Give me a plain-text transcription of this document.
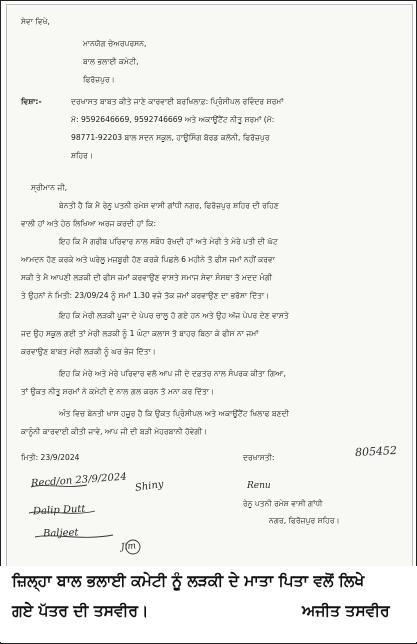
ਸੇਵਾ ਵਿਖੇ,
ਮਾਨਯੋਗ ਚੇਅਰਪਰਸਨ,
ਬਾਲ ਭਲਾਈ ਕਮੇਟੀ,
ਫਿਰੋਜ਼ਪੁਰ।
ਵਿਸ਼ਾ:-	ਦਰਖਾਸਤ ਬਾਬਤ ਕੀਤੇ ਜਾਣੇ ਕਾਰਵਾਈ ਬਰਖਿਲਾਫ਼: ਪ੍ਰਿੰਸੀਪਲ ਰਵਿੰਦਰ ਸ਼ਰਮਾਂ
ਮੋ: 9592646669, 9592746669 ਅਤੇ ਅਕਾਊਂਟੈਂਟ ਨੀਤੂ ਸ਼ਰਮਾਂ (ਮੋ:
98771-92203 ਬਾਲ ਸਦਨ ਸਕੂਲ, ਹਾਊਸਿੰਗ ਬੋਰਡ ਕਲੋਨੀ, ਫਿਰੋਜ਼ਪੁਰ
ਸ਼ਹਿਰ।
ਸ੍ਰੀਮਾਨ ਜੀ,
ਬੇਨਤੀ ਹੈ ਕਿ ਮੈ ਰੇਨੂ ਪਤਨੀ ਰਮੇਸ਼ ਵਾਸੀ ਗਾਂਧੀ ਨਗਰ, ਫਿਰੋਜ਼ਪੁਰ ਸ਼ਹਿਰ ਦੀ ਰਹਿਣ
ਵਾਲੀ ਹਾਂ ਅਤੇ ਹੇਠ ਲਿਖਿਆ ਅਰਜ ਕਰਦੀ ਹਾਂ ਕਿ:
ਇਹ ਕਿ ਮੈ ਗਰੀਬ ਪਰਿਵਾਰ ਨਾਲ ਸਬੰਧ ਰੱਖਦੀ ਹਾਂ ਅਤੇ ਮੇਰੀ ਤੇ ਮੇਰੇ ਪਤੀ ਦੀ ਘੱਟ
ਆਮਦਨ ਹੋਣ ਕਰਕੇ ਅਤੇ ਘਰੇਲੂ ਮਜ਼ਬੂਰੀ ਹੋਣ ਕਰਕੇ ਪਿਛਲੇ 6 ਮਹੀਨੇ ਤੋ ਫੀਸ ਜਮਾਂ ਨਹੀਂ ਕਰਵਾ
ਸਕੀ ਤੇ ਮੈ ਆਪਣੀ ਲੜਕੀ ਦੀ ਫੀਸ ਜਮਾਂ ਕਰਵਾਉਣ ਵਾਸਤੇ ਸਮਾਜ ਸੇਵਾ ਸੰਸਥਾ ਤੋ ਮਦਦ ਮੰਗੀ
ਤੇ ਉਹਨਾਂ ਨੇ ਮਿਤੀ: 23/09/24 ਨੂੰ ਸਮਾਂ 1.30 ਵਜੇ ਤੱਕ ਜਮਾਂ ਕਰਵਾਉਣ ਦਾ ਭਰੋਸਾ ਦਿੱਤਾ।
ਇਹ ਕਿ ਮੇਰੀ ਲੜਕੀ ਪੂਜਾ ਦੇ ਪੇਪਰ ਚਾਲੂ ਹੋ ਗਏ ਹਨ ਅਤੇ ਉਹ ਅੱਜ ਪੇਪਰ ਦੇਣ ਵਾਸਤੇ
ਜਦ ਉਹ ਸਕੂਲ ਗਈ ਤਾਂ ਮੇਰੀ ਲੜਕੀ ਨੂੰ 1 ਘੰਟਾ ਕਲਾਸ ਤੋ ਬਾਹਰ ਬਿਠਾ ਕੇ ਫੀਸ ਨਾ ਜਮਾਂ
ਕਰਵਾਉਣ ਬਾਬਤ ਮੇਰੀ ਲੜਕੀ ਨੂੰ ਘਰ ਭੇਜ ਦਿੱਤਾ।
ਇਹ ਕਿ ਮੇਰੇ ਅਤੇ ਮੇਰੇ ਪਰਿਵਾਰ ਵਲੋ ਆਪ ਜੀ ਦੇ ਦਫ਼ਤਰ ਨਾਲ ਸੰਪਰਕ ਕੀਤਾ ਗਿਆ,
ਤਾਂ ਉਕਤ ਨੀਤੂ ਸ਼ਰਮਾਂ ਨੇ ਕਮੇਟੀ ਦੇ ਨਾਲ ਗਲ ਕਰਨ ਤੋ ਮਨਾ ਕਰ ਦਿੱਤਾ।
ਅੰਤ ਵਿਚ ਬੇਨਤੀ ਖਾਸ ਹਜ਼ੂਰ ਹੈ ਕਿ ਉਕਤ ਪ੍ਰਿੰਸੀਪਲ ਅਤੇ ਅਕਾਊਂਟੈਂਟ ਖਿਲਾਫ ਬਣਦੀ
ਕਾਨੂੰਨੀ ਕਾਰਵਾਈ ਕੀਤੀ ਜਾਵੇ, ਆਪ ਜੀ ਦੀ ਬੜੀ ਮੇਹਰਬਾਨੀ ਹੋਵੇਗੀ।
ਮਿਤੀ: 23/9/2024	ਦਰਖਾਸਤੀ:	805452
Renu
ਰੇਨੂ ਪਤਨੀ ਰਮੇਸ਼ ਵਾਸੀ ਗਾਂਧੀ
ਨਗਰ, ਫਿਰੋਜ਼ਪੁਰ ਸ਼ਹਿਰ।
Recd/on 23/9/2024 Shiny
Dalip Dutt
Baljeet
Jim
ਜ਼ਿਲ੍ਹਾ ਬਾਲ ਭਲਾਈ ਕਮੇਟੀ ਨੂੰ ਲੜਕੀ ਦੇ ਮਾਤਾ ਪਿਤਾ ਵਲੋਂ ਲਿਖੇ
ਗਏ ਪੱਤਰ ਦੀ ਤਸਵੀਰ।	ਅਜੀਤ ਤਸਵੀਰ
